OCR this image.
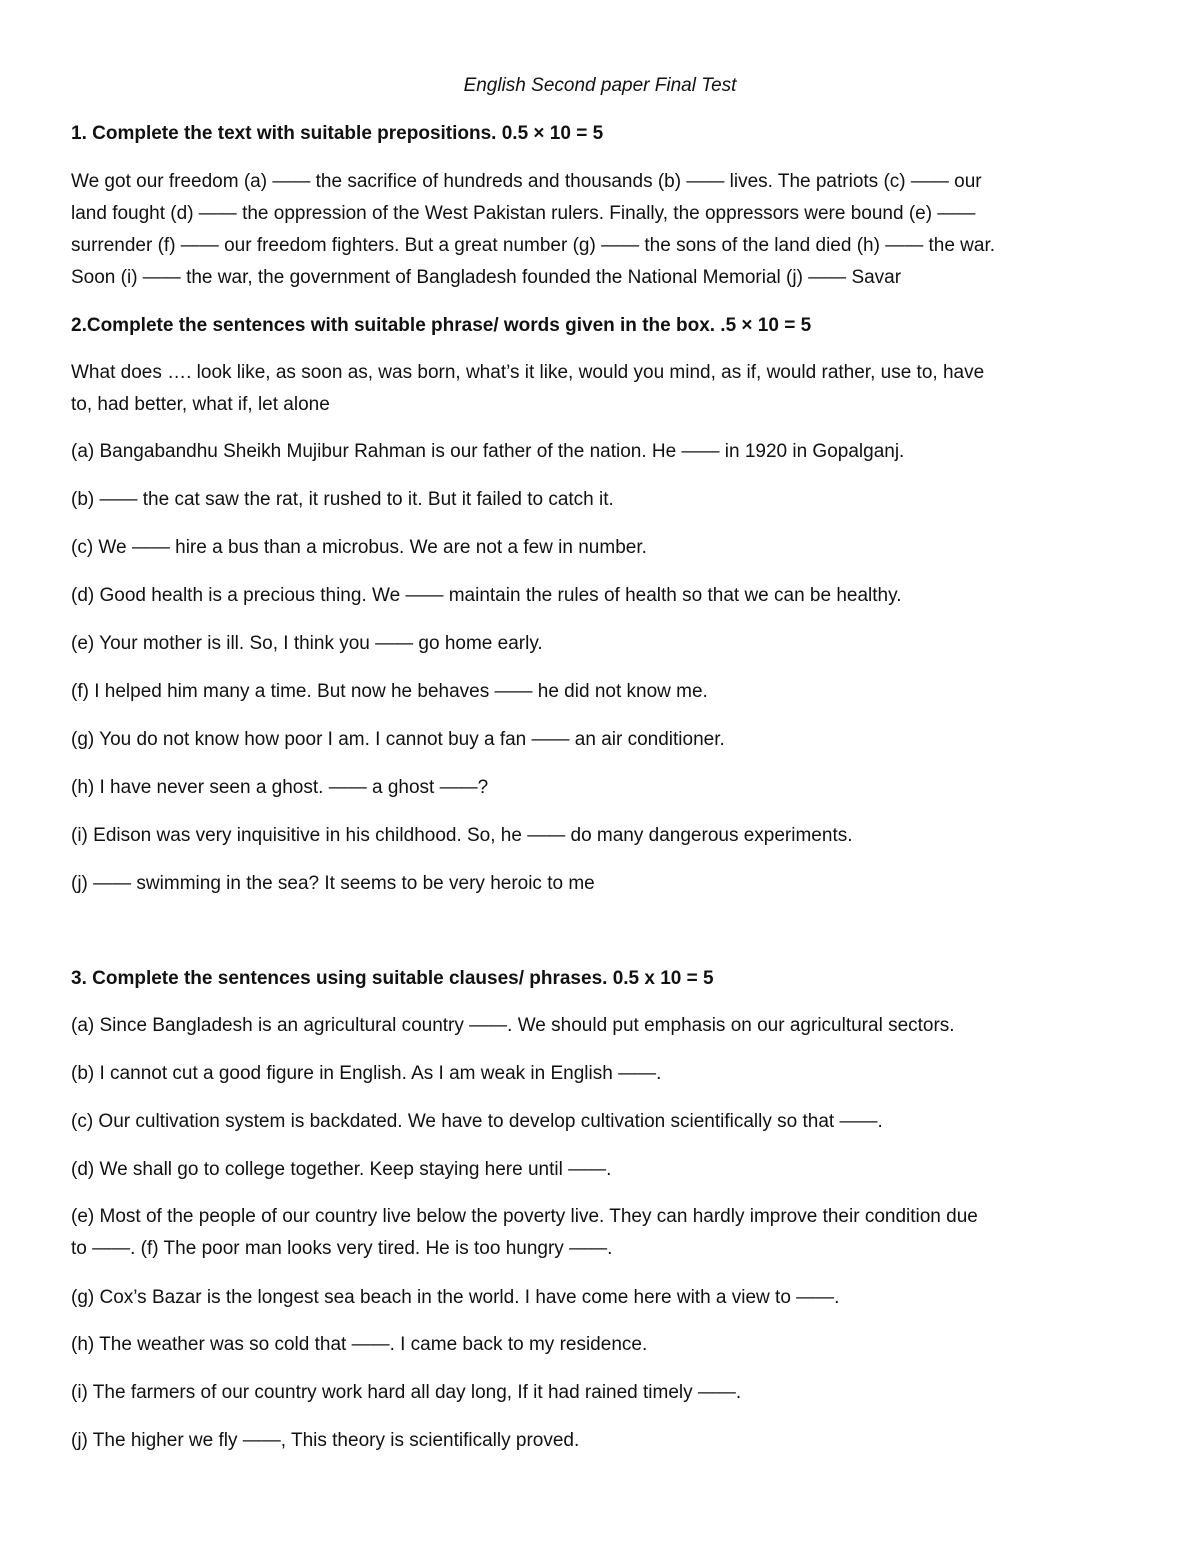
English Second paper Final Test
1. Complete the text with suitable prepositions. 0.5 × 10 = 5
We got our freedom (a) —— the sacrifice of hundreds and thousands (b) —— lives. The patriots (c) —— our
land fought (d) —— the oppression of the West Pakistan rulers. Finally, the oppressors were bound (e) ——
surrender (f) —— our freedom fighters. But a great number (g) —— the sons of the land died (h) —— the war.
Soon (i) —— the war, the government of Bangladesh founded the National Memorial (j) —— Savar
2.Complete the sentences with suitable phrase/ words given in the box. .5 × 10 = 5
What does …. look like, as soon as, was born, what’s it like, would you mind, as if, would rather, use to, have
to, had better, what if, let alone
(a) Bangabandhu Sheikh Mujibur Rahman is our father of the nation. He —— in 1920 in Gopalganj.
(b) —— the cat saw the rat, it rushed to it. But it failed to catch it.
(c) We —— hire a bus than a microbus. We are not a few in number.
(d) Good health is a precious thing. We —— maintain the rules of health so that we can be healthy.
(e) Your mother is ill. So, I think you —— go home early.
(f) I helped him many a time. But now he behaves —— he did not know me.
(g) You do not know how poor I am. I cannot buy a fan —— an air conditioner.
(h) I have never seen a ghost. —— a ghost ——?
(i) Edison was very inquisitive in his childhood. So, he —— do many dangerous experiments.
(j) —— swimming in the sea? It seems to be very heroic to me
3. Complete the sentences using suitable clauses/ phrases. 0.5 x 10 = 5
(a) Since Bangladesh is an agricultural country ——. We should put emphasis on our agricultural sectors.
(b) I cannot cut a good figure in English. As I am weak in English ——.
(c) Our cultivation system is backdated. We have to develop cultivation scientifically so that ——.
(d) We shall go to college together. Keep staying here until ——.
(e) Most of the people of our country live below the poverty live. They can hardly improve their condition due
to ——. (f) The poor man looks very tired. He is too hungry ——.
(g) Cox’s Bazar is the longest sea beach in the world. I have come here with a view to ——.
(h) The weather was so cold that ——. I came back to my residence.
(i) The farmers of our country work hard all day long, If it had rained timely ——.
(j) The higher we fly ——, This theory is scientifically proved.
